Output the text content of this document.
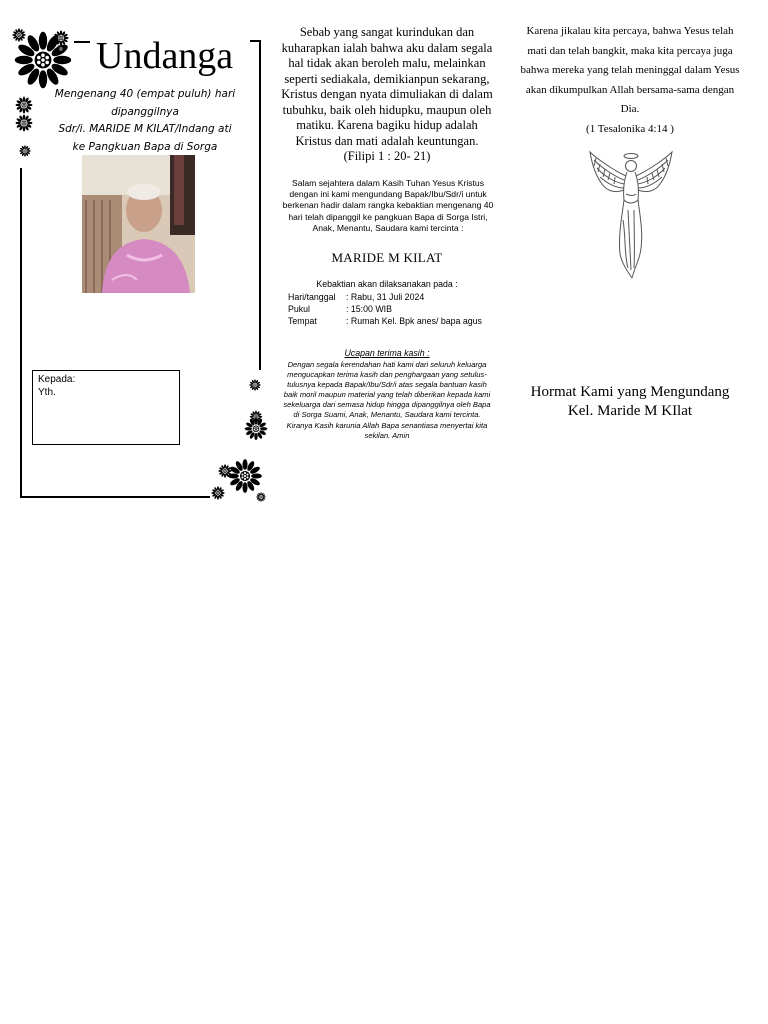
Undanga
Mengenang 40 (empat puluh) hari
dipanggilnya
Sdr/i. MARIDE M KILAT/Indang ati
ke Pangkuan Bapa di Sorga
Kepada:
Yth.
Sebab yang sangat kurindukan dan
kuharapkan ialah bahwa aku dalam segala
hal tidak akan beroleh malu, melainkan
seperti sediakala, demikianpun sekarang,
Kristus dengan nyata dimuliakan di dalam
tubuhku, baik oleh hidupku, maupun oleh
matiku. Karena bagiku hidup adalah
Kristus dan mati adalah keuntungan.
(Filipi 1 : 20- 21)
Salam sejahtera dalam Kasih Tuhan Yesus Kristus
dengan ini kami mengundang Bapak/Ibu/Sdr/i untuk
berkenan hadir dalam rangka kebaktian mengenang 40
hari telah dipanggil ke pangkuan Bapa di Sorga Istri,
Anak, Menantu, Saudara kami tercinta :
MARIDE M KILAT
Kebaktian akan dilaksanakan pada :
Hari/tanggal : Rabu, 31 Juli 2024
Pukul	: 15:00 WIB
Tempat	: Rumah Kel. Bpk anes/ bapa agus
Ucapan terima kasih :
Dengan segala kerendahan hati kami dari seluruh keluarga
mengucapkan terima kasih dan penghargaan yang setulus-
tulusnya kepada Bapak/Ibu/Sdr/i atas segala bantuan kasih
baik moril maupun material yang telah diberikan kepada kami
sekeluarga dari semasa hidup hingga dipanggilnya oleh Bapa
di Sorga Suami, Anak, Menantu, Saudara kami tercinta.
Kiranya Kasih karunia Allah Bapa senantiasa menyertai kita
sekilan. Amin
Karena jikalau kita percaya, bahwa Yesus telah
mati dan telah bangkit, maka kita percaya juga
bahwa mereka yang telah meninggal dalam Yesus
akan dikumpulkan Allah bersama-sama dengan
Dia.
(1 Tesalonika 4:14 )
Hormat Kami yang Mengundang
Kel. Maride M KIlat
